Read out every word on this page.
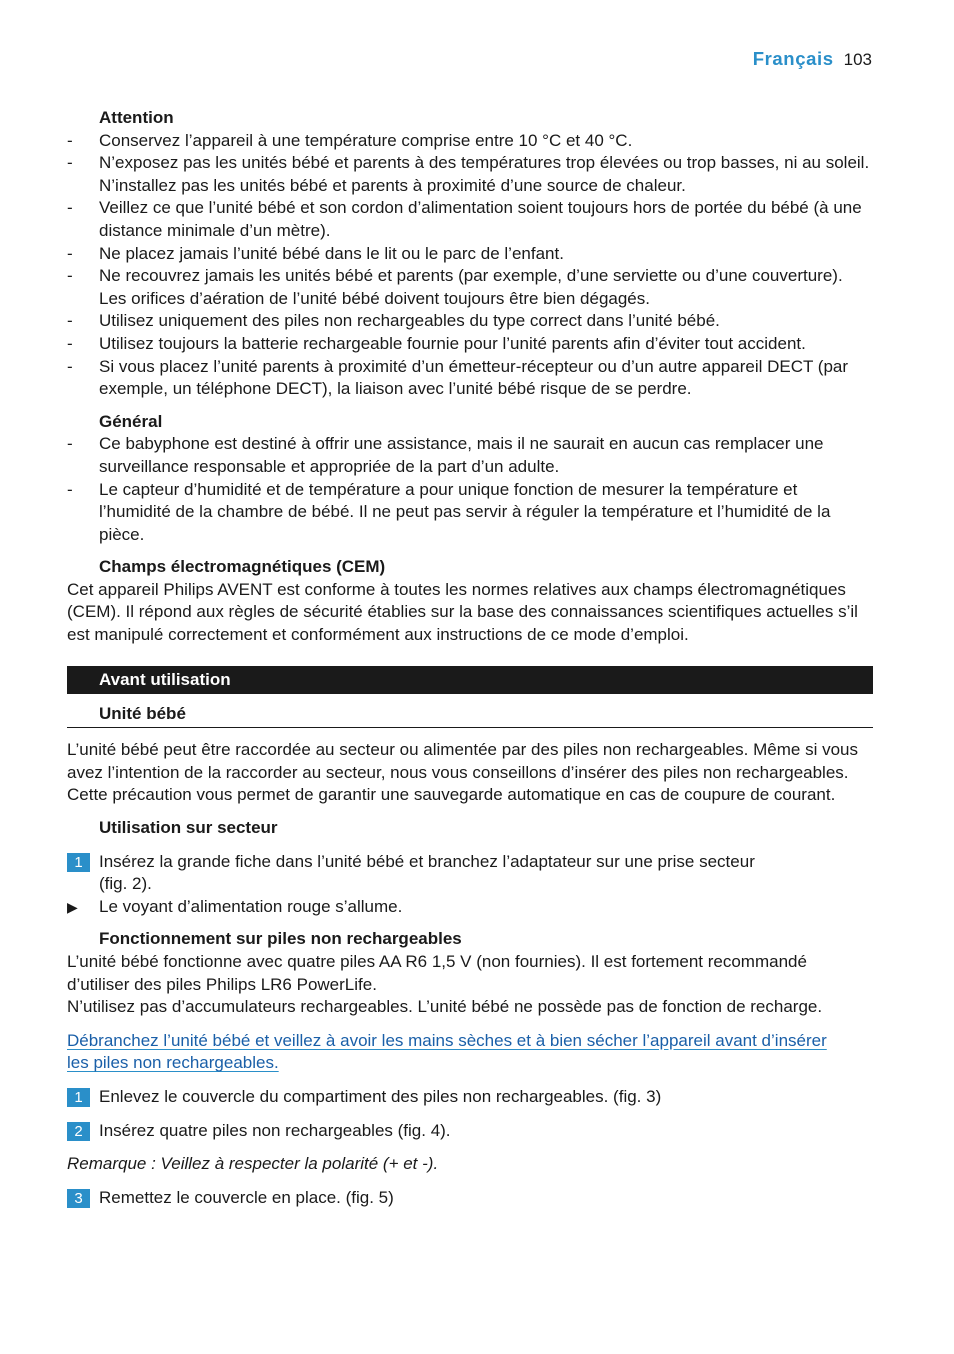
Français 103
Attention
- Conservez l’appareil à une température comprise entre 10 °C et 40 °C.
- N’exposez pas les unités bébé et parents à des températures trop élevées ou trop basses, ni au soleil. N’installez pas les unités bébé et parents à proximité d’une source de chaleur.
- Veillez ce que l’unité bébé et son cordon d’alimentation soient toujours hors de portée du bébé (à une distance minimale d’un mètre).
- Ne placez jamais l’unité bébé dans le lit ou le parc de l’enfant.
- Ne recouvrez jamais les unités bébé et parents (par exemple, d’une serviette ou d’une couverture). Les orifices d’aération de l’unité bébé doivent toujours être bien dégagés.
- Utilisez uniquement des piles non rechargeables du type correct dans l’unité bébé.
- Utilisez toujours la batterie rechargeable fournie pour l’unité parents afin d’éviter tout accident.
- Si vous placez l’unité parents à proximité d’un émetteur-récepteur ou d’un autre appareil DECT (par exemple, un téléphone DECT), la liaison avec l’unité bébé risque de se perdre.
Général
- Ce babyphone est destiné à offrir une assistance, mais il ne saurait en aucun cas remplacer une surveillance responsable et appropriée de la part d’un adulte.
- Le capteur d’humidité et de température a pour unique fonction de mesurer la température et l’humidité de la chambre de bébé. Il ne peut pas servir à réguler la température et l’humidité de la pièce.
Champs électromagnétiques (CEM)
Cet appareil Philips AVENT est conforme à toutes les normes relatives aux champs électromagnétiques (CEM). Il répond aux règles de sécurité établies sur la base des connaissances scientifiques actuelles s’il est manipulé correctement et conformément aux instructions de ce mode d’emploi.
Avant utilisation
Unité bébé
L’unité bébé peut être raccordée au secteur ou alimentée par des piles non rechargeables. Même si vous avez l’intention de la raccorder au secteur, nous vous conseillons d’insérer des piles non rechargeables. Cette précaution vous permet de garantir une sauvegarde automatique en cas de coupure de courant.
Utilisation sur secteur
1 Insérez la grande fiche dans l’unité bébé et branchez l’adaptateur sur une prise secteur (fig. 2).
▶ Le voyant d’alimentation rouge s’allume.
Fonctionnement sur piles non rechargeables
L’unité bébé fonctionne avec quatre piles AA R6 1,5 V (non fournies). Il est fortement recommandé d’utiliser des piles Philips LR6 PowerLife.
N’utilisez pas d’accumulateurs rechargeables. L’unité bébé ne possède pas de fonction de recharge.
Débranchez l’unité bébé et veillez à avoir les mains sèches et à bien sécher l’appareil avant d’insérer les piles non rechargeables.
1 Enlevez le couvercle du compartiment des piles non rechargeables. (fig. 3)
2 Insérez quatre piles non rechargeables (fig. 4).
Remarque : Veillez à respecter la polarité (+ et -).
3 Remettez le couvercle en place. (fig. 5)
